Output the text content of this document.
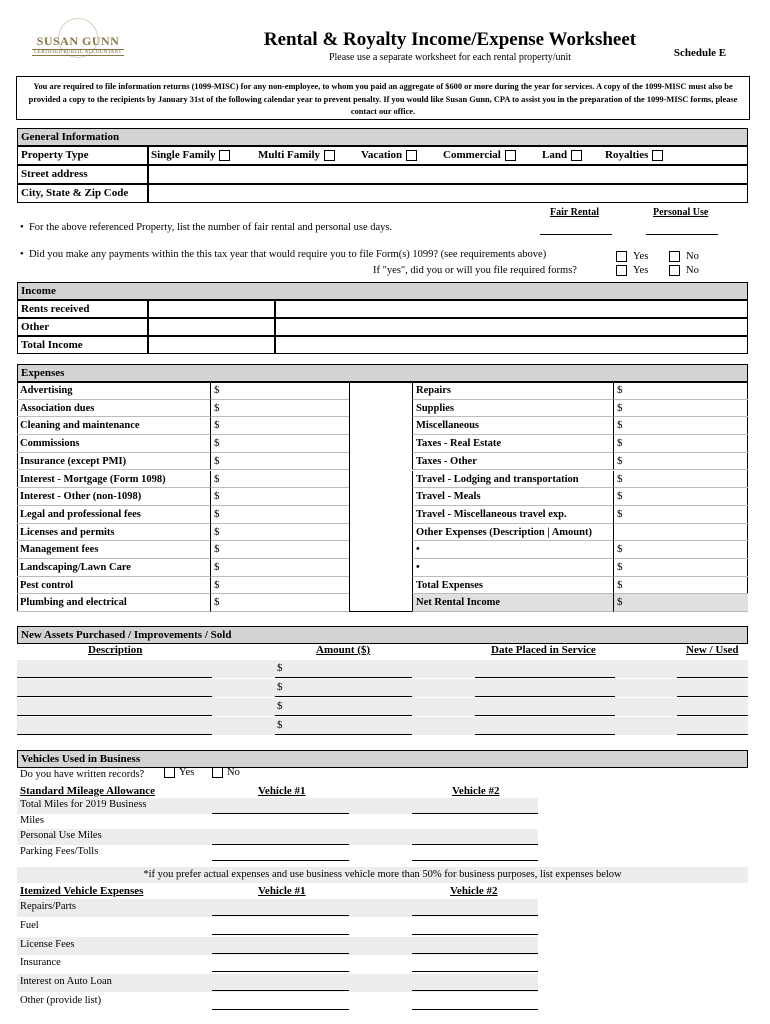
SUSAN GUNN
CERTIFIED PUBLIC ACCOUNTANT
Rental & Royalty Income/Expense Worksheet
Please use a separate worksheet for each rental property/unit	Schedule E
You are required to file information returns (1099-MISC) for any non-employee, to whom you paid an aggregate of $600 or more during the year for services. A copy of the 1099-MISC must also be provided a copy to the recipients by January 31st of the following calendar year to prevent penalty. If you would like Susan Gunn, CPA to assist you in the preparation of the 1099-MISC forms, please contact our office.
General Information
Property Type	Single Family	Multi Family	Vacation	Commercial	Land	Royalties
Street address
City, State & Zip Code
Fair Rental	Personal Use
•  For the above referenced Property, list the number of fair rental and personal use days.
•  Did you make any payments within the this tax year that would require you to file Form(s) 1099? (see requirements above)
If "yes", did you or will you file required forms?
Yes	No
Yes	No
Income
Rents received
Other
Total Income
Expenses
Advertising	$	Repairs	$
Association dues	$	Supplies	$
Cleaning and maintenance	$	Miscellaneous	$
Commissions	$	Taxes - Real Estate	$
Insurance (except PMI)	$	Taxes - Other	$
Interest - Mortgage (Form 1098)	$	Travel - Lodging and transportation	$
Interest - Other (non-1098)	$	Travel - Meals	$
Legal and professional fees	$	Travel - Miscellaneous travel exp.	$
Licenses and permits	$	Other Expenses (Description | Amount)
Management fees	$	•	$
Landscaping/Lawn Care	$	•	$
Pest control	$	Total Expenses	$
Plumbing and electrical	$	Net Rental Income	$
New Assets Purchased / Improvements / Sold
Description	Amount ($)	Date Placed in Service	New / Used
$
$
$
$
Vehicles Used in Business
Do you have written records?	Yes	No
Standard Mileage Allowance	Vehicle #1	Vehicle #2
Total Miles for 2019 Business
Miles
Personal Use Miles
Parking Fees/Tolls
*if you prefer actual expenses and use business vehicle more than 50% for business purposes, list expenses below
Itemized Vehicle Expenses	Vehicle #1	Vehicle #2
Repairs/Parts
Fuel
License Fees
Insurance
Interest on Auto Loan
Other (provide list)
